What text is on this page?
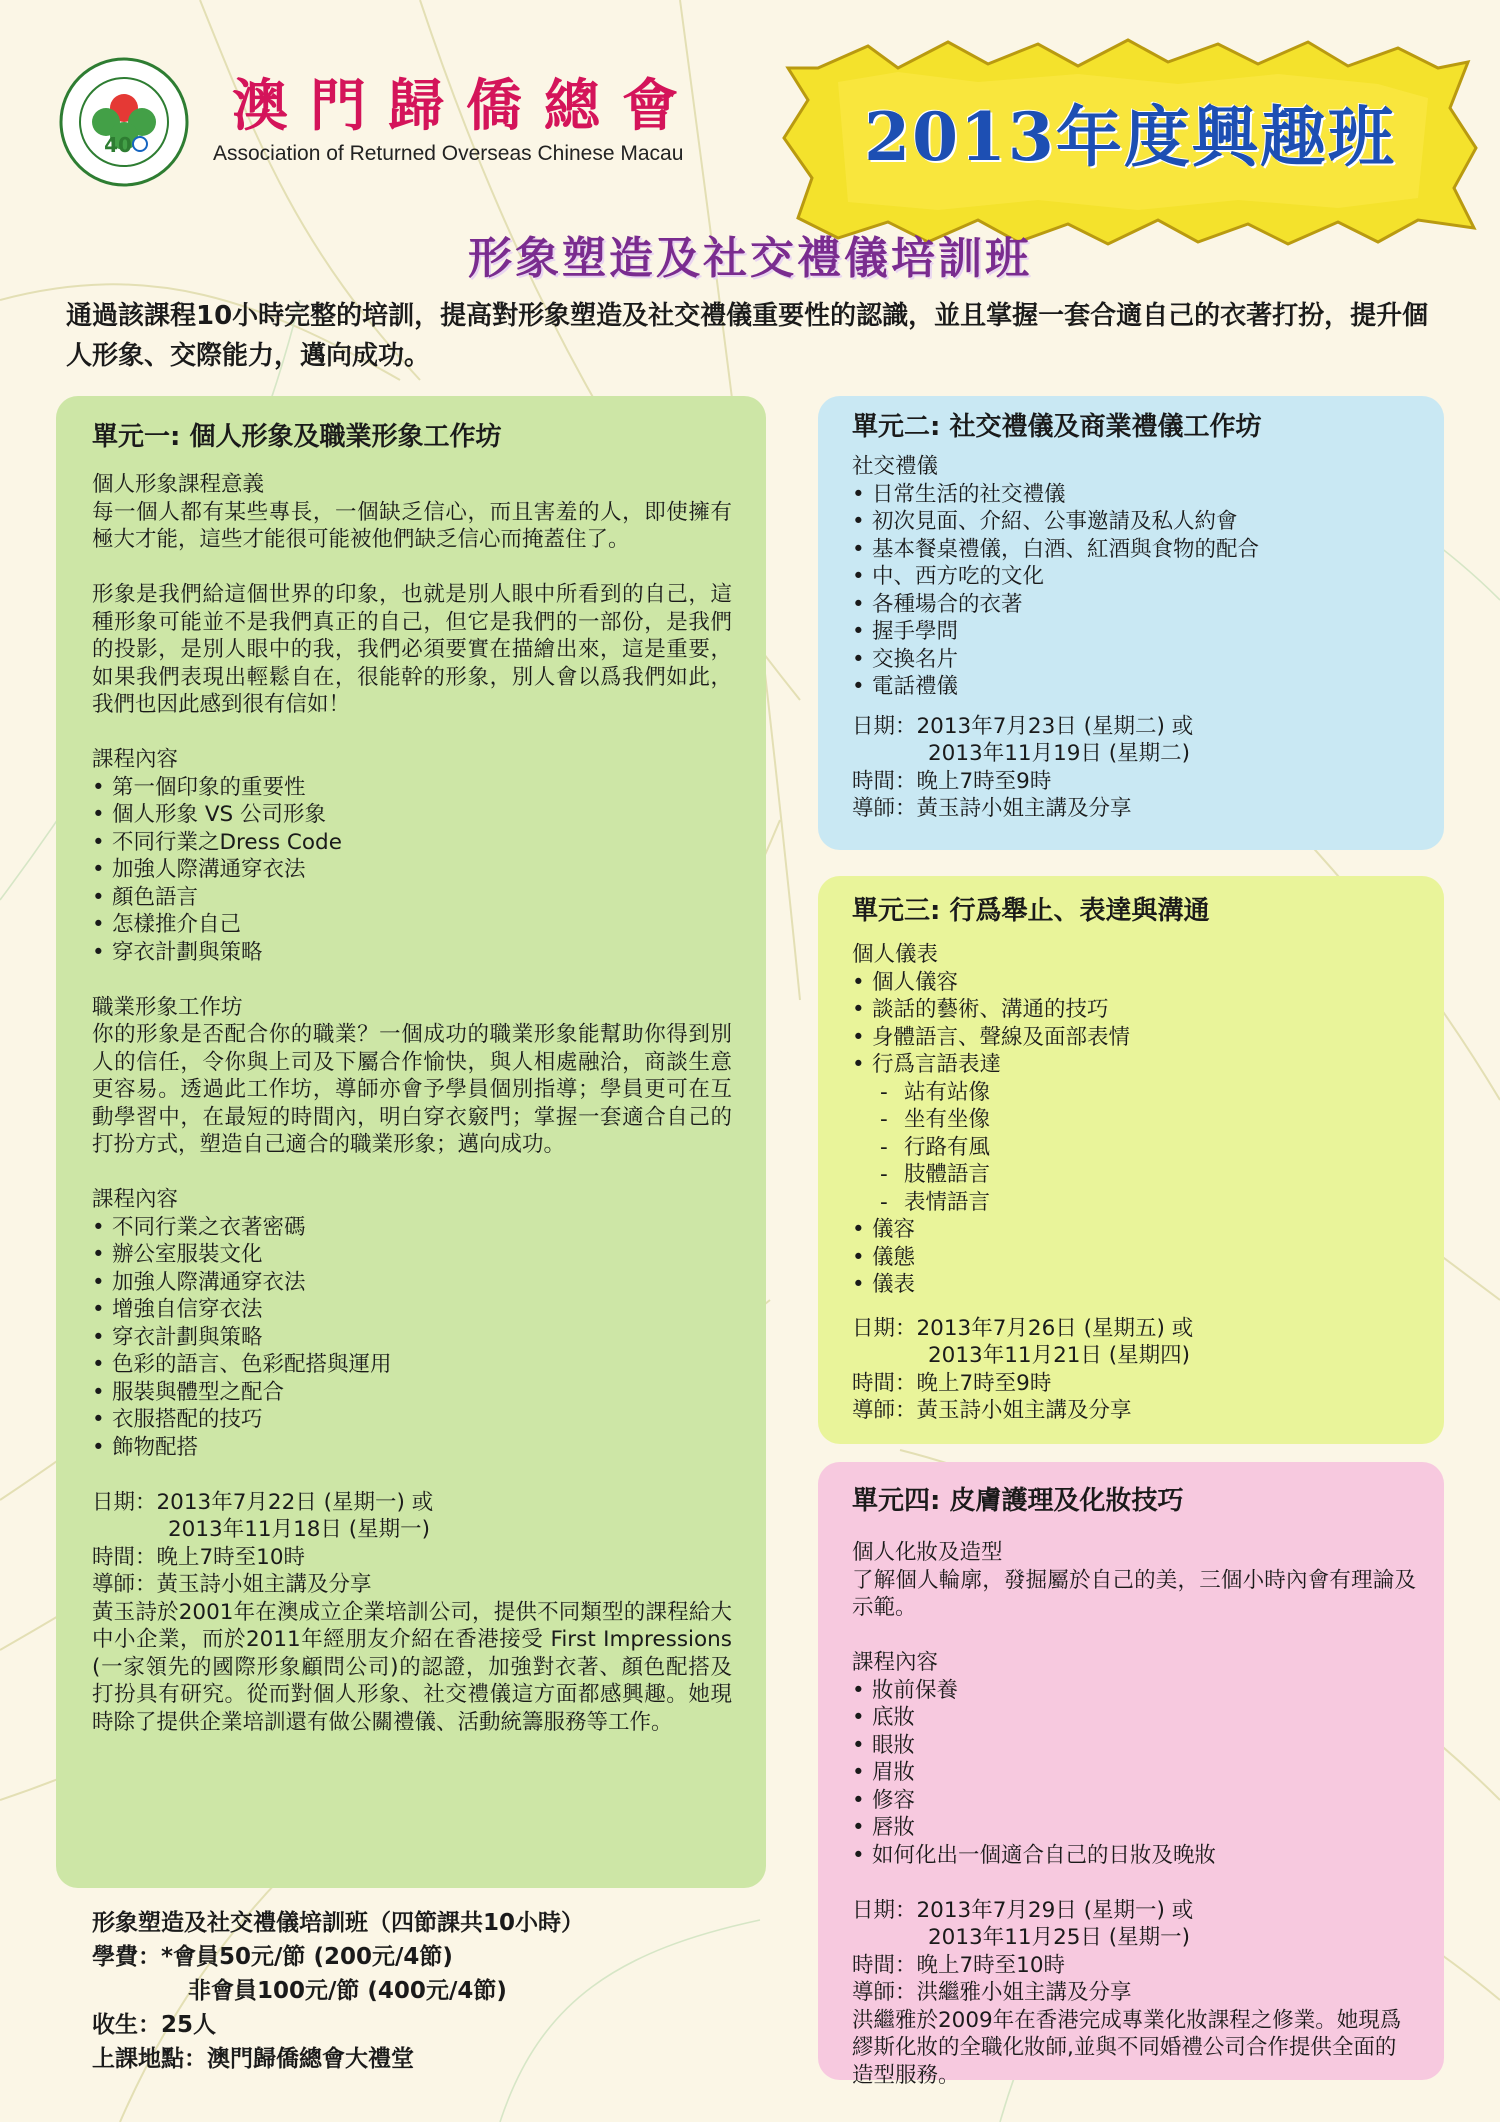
40
澳門歸僑總會
Association of Returned Overseas Chinese Macau	2013年度興趣班
形象塑造及社交禮儀培訓班
通過該課程10小時完整的培訓，提高對形象塑造及社交禮儀重要性的認識，並且掌握一套合適自己的衣著打扮，提升個人形象、交際能力，邁向成功。
單元一: 個人形象及職業形象工作坊

個人形象課程意義

每一個人都有某些專長，一個缺乏信心，而且害羞的人，即使擁有極大才能，這些才能很可能被他們缺乏信心而掩蓋住了。

形象是我們給這個世界的印象，也就是別人眼中所看到的自己，這種形象可能並不是我們真正的自己，但它是我們的一部份，是我們的投影，是別人眼中的我，我們必須要實在描繪出來，這是重要，如果我們表現出輕鬆自在，很能幹的形象，別人會以爲我們如此，我們也因此感到很有信如！

課程內容

• 第一個印象的重要性
• 個人形象 VS 公司形象
• 不同行業之Dress Code
• 加強人際溝通穿衣法
• 顏色語言
• 怎樣推介自己
• 穿衣計劃與策略

職業形象工作坊

你的形象是否配合你的職業？一個成功的職業形象能幫助你得到別人的信任，令你與上司及下屬合作愉快，與人相處融洽，商談生意更容易。透過此工作坊，導師亦會予學員個別指導；學員更可在互動學習中，在最短的時間內，明白穿衣竅門；掌握一套適合自己的打扮方式，塑造自己適合的職業形象；邁向成功。

課程內容

• 不同行業之衣著密碼
• 辦公室服裝文化
• 加強人際溝通穿衣法
• 增強自信穿衣法
• 穿衣計劃與策略
• 色彩的語言、色彩配搭與運用
• 服裝與體型之配合
• 衣服搭配的技巧
• 飾物配搭
日期：2013年7月22日 (星期一) 或
2013年11月18日 (星期一)
時間：晚上7時至10時
導師：黃玉詩小姐主講及分享

黃玉詩於2001年在澳成立企業培訓公司，提供不同類型的課程給大中小企業，而於2011年經朋友介紹在香港接受 First Impressions (一家領先的國際形象顧問公司)的認證，加強對衣著、顏色配搭及打扮具有研究。從而對個人形象、社交禮儀這方面都感興趣。她現時除了提供企業培訓還有做公關禮儀、活動統籌服務等工作。

單元二: 社交禮儀及商業禮儀工作坊

社交禮儀

• 日常生活的社交禮儀
• 初次見面、介紹、公事邀請及私人約會
• 基本餐桌禮儀，白酒、紅酒與食物的配合
• 中、西方吃的文化
• 各種場合的衣著
• 握手學問
• 交換名片
• 電話禮儀
日期：2013年7月23日 (星期二) 或
2013年11月19日 (星期二)
時間：晚上7時至9時
導師：黃玉詩小姐主講及分享
單元三: 行爲舉止、表達與溝通

個人儀表

• 個人儀容
• 談話的藝術、溝通的技巧
• 身體語言、聲線及面部表情
• 行爲言語表達
- 站有站像
- 坐有坐像
- 行路有風
- 肢體語言
- 表情語言
• 儀容
• 儀態
• 儀表
日期：2013年7月26日 (星期五) 或
2013年11月21日 (星期四)
時間：晚上7時至9時
導師：黃玉詩小姐主講及分享
單元四: 皮膚護理及化妝技巧

個人化妝及造型

了解個人輪廓，發掘屬於自己的美，三個小時內會有理論及示範。

課程內容

• 妝前保養
• 底妝
• 眼妝
• 眉妝
• 修容
• 唇妝
• 如何化出一個適合自己的日妝及晚妝
日期：2013年7月29日 (星期一) 或
2013年11月25日 (星期一)
時間：晚上7時至10時
導師：洪繼雅小姐主講及分享

洪繼雅於2009年在香港完成專業化妝課程之修業。她現爲繆斯化妝的全職化妝師,並與不同婚禮公司合作提供全面的造型服務。

形象塑造及社交禮儀培訓班（四節課共10小時）
學費：*會員50元/節 (200元/4節)
非會員100元/節 (400元/4節)
收生：25人
上課地點：澳門歸僑總會大禮堂
